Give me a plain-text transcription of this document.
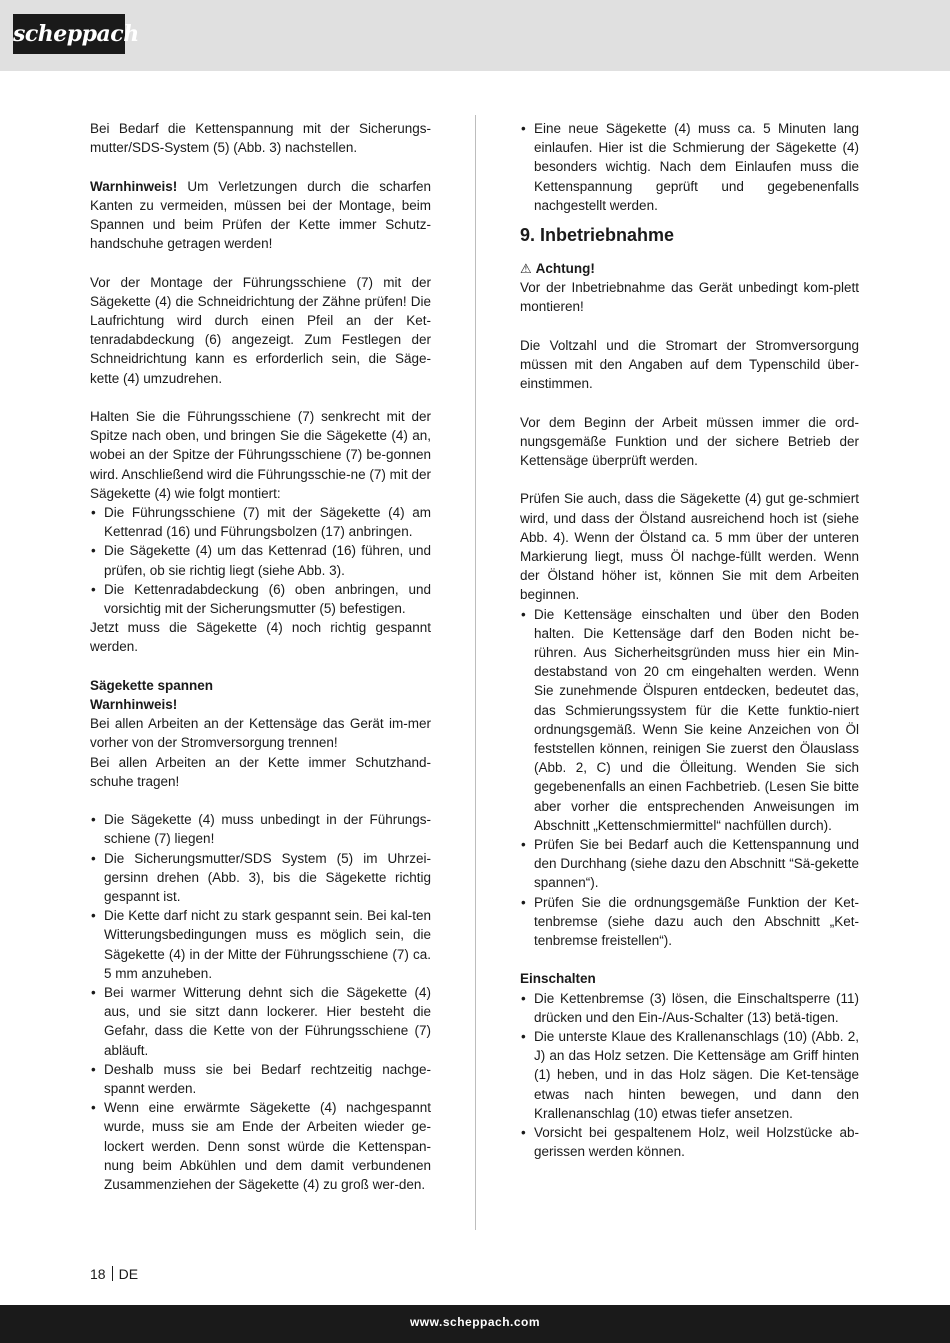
scheppach

Bei Bedarf die Kettenspannung mit der Sicherungs-mutter/SDS-System (5) (Abb. 3) nachstellen.

Warnhinweis! Um Verletzungen durch die scharfen Kanten zu vermeiden, müssen bei der Montage, beim Spannen und beim Prüfen der Kette immer Schutz-handschuhe getragen werden!

Vor der Montage der Führungsschiene (7) mit der Sägekette (4) die Schneidrichtung der Zähne prüfen! Die Laufrichtung wird durch einen Pfeil an der Ket-tenradabdeckung (6) angezeigt. Zum Festlegen der Schneidrichtung kann es erforderlich sein, die Säge-kette (4) umzudrehen.

Halten Sie die Führungsschiene (7) senkrecht mit der Spitze nach oben, und bringen Sie die Sägekette (4) an, wobei an der Spitze der Führungsschiene (7) be-gonnen wird. Anschließend wird die Führungsschie-ne (7) mit der Sägekette (4) wie folgt montiert:

• Die Führungsschiene (7) mit der Sägekette (4) am Kettenrad (16) und Führungsbolzen (17) anbringen.
• Die Sägekette (4) um das Kettenrad (16) führen, und prüfen, ob sie richtig liegt (siehe Abb. 3).
• Die Kettenradabdeckung (6) oben anbringen, und vorsichtig mit der Sicherungsmutter (5) befestigen.

Jetzt muss die Sägekette (4) noch richtig gespannt werden.

Sägekette spannen

Warnhinweis!

Bei allen Arbeiten an der Kettensäge das Gerät im-mer vorher von der Stromversorgung trennen!

Bei allen Arbeiten an der Kette immer Schutzhand-schuhe tragen!

• Die Sägekette (4) muss unbedingt in der Führungs-schiene (7) liegen!
• Die Sicherungsmutter/SDS System (5) im Uhrzei-gersinn drehen (Abb. 3), bis die Sägekette richtig gespannt ist.
• Die Kette darf nicht zu stark gespannt sein. Bei kal-ten Witterungsbedingungen muss es möglich sein, die Sägekette (4) in der Mitte der Führungsschiene (7) ca. 5 mm anzuheben.
• Bei warmer Witterung dehnt sich die Sägekette (4) aus, und sie sitzt dann lockerer. Hier besteht die Gefahr, dass die Kette von der Führungsschiene (7) abläuft.
• Deshalb muss sie bei Bedarf rechtzeitig nachge-spannt werden.
• Wenn eine erwärmte Sägekette (4) nachgespannt wurde, muss sie am Ende der Arbeiten wieder ge-lockert werden. Denn sonst würde die Kettenspan-nung beim Abkühlen und dem damit verbundenen Zusammenziehen der Sägekette (4) zu groß wer-den.
• Eine neue Sägekette (4) muss ca. 5 Minuten lang einlaufen. Hier ist die Schmierung der Sägekette (4) besonders wichtig. Nach dem Einlaufen muss die Kettenspannung geprüft und gegebenenfalls nachgestellt werden.
9. Inbetriebnahme

⚠ Achtung!

Vor der Inbetriebnahme das Gerät unbedingt kom-plett montieren!

Die Voltzahl und die Stromart der Stromversorgung müssen mit den Angaben auf dem Typenschild über-einstimmen.

Vor dem Beginn der Arbeit müssen immer die ord-nungsgemäße Funktion und der sichere Betrieb der Kettensäge überprüft werden.

Prüfen Sie auch, dass die Sägekette (4) gut ge-schmiert wird, und dass der Ölstand ausreichend hoch ist (siehe Abb. 4). Wenn der Ölstand ca. 5 mm über der unteren Markierung liegt, muss Öl nachge-füllt werden. Wenn der Ölstand höher ist, können Sie mit dem Arbeiten beginnen.

• Die Kettensäge einschalten und über den Boden halten. Die Kettensäge darf den Boden nicht be-rühren. Aus Sicherheitsgründen muss hier ein Min-destabstand von 20 cm eingehalten werden. Wenn Sie zunehmende Ölspuren entdecken, bedeutet das, das Schmierungssystem für die Kette funktio-niert ordnungsgemäß. Wenn Sie keine Anzeichen von Öl feststellen können, reinigen Sie zuerst den Ölauslass (Abb. 2, C) und die Ölleitung. Wenden Sie sich gegebenenfalls an einen Fachbetrieb. (Lesen Sie bitte aber vorher die entsprechenden Anweisungen im Abschnitt „Kettenschmiermittel“ nachfüllen durch).
• Prüfen Sie bei Bedarf auch die Kettenspannung und den Durchhang (siehe dazu den Abschnitt “Sä-gekette spannen“).
• Prüfen Sie die ordnungsgemäße Funktion der Ket-tenbremse (siehe dazu auch den Abschnitt „Ket-tenbremse freistellen“).

Einschalten

• Die Kettenbremse (3) lösen, die Einschaltsperre (11) drücken und den Ein-/Aus-Schalter (13) betä-tigen.
• Die unterste Klaue des Krallenanschlags (10) (Abb. 2, J) an das Holz setzen. Die Kettensäge am Griff hinten (1) heben, und in das Holz sägen. Die Ket-tensäge etwas nach hinten bewegen, und dann den Krallenanschlag (10) etwas tiefer ansetzen.
• Vorsicht bei gespaltenem Holz, weil Holzstücke ab-gerissen werden können.
18 DE
www.scheppach.com
